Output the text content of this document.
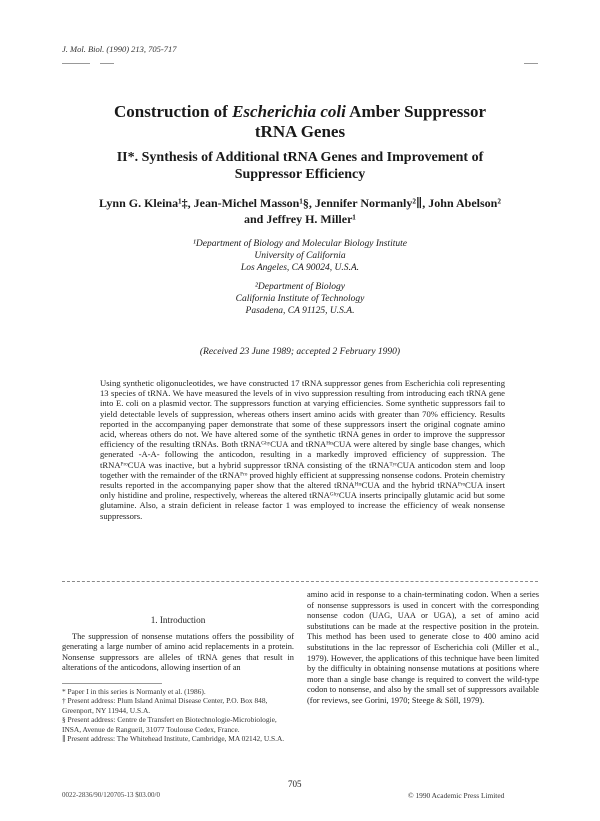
J. Mol. Biol. (1990) 213, 705-717
Construction of Escherichia coli Amber Suppressor
tRNA Genes
II*. Synthesis of Additional tRNA Genes and Improvement of
Suppressor Efficiency
Lynn G. Kleina¹‡, Jean-Michel Masson¹§, Jennifer Normanly²∥, John Abelson²
and Jeffrey H. Miller¹
¹Department of Biology and Molecular Biology Institute
University of California
Los Angeles, CA 90024, U.S.A.
²Department of Biology
California Institute of Technology
Pasadena, CA 91125, U.S.A.
(Received 23 June 1989; accepted 2 February 1990)
Using synthetic oligonucleotides, we have constructed 17 tRNA suppressor genes from Escherichia coli representing 13 species of tRNA. We have measured the levels of in vivo suppression resulting from introducing each tRNA gene into E. coli on a plasmid vector. The suppressors function at varying efficiencies. Some synthetic suppressors fail to yield detectable levels of suppression, whereas others insert amino acids with greater than 70% efficiency. Results reported in the accompanying paper demonstrate that some of these suppressors insert the original cognate amino acid, whereas others do not. We have altered some of the synthetic tRNA genes in order to improve the suppressor efficiency of the resulting tRNAs. Both tRNAᴳʰʸCUA and tRNAᴴᶦˢCUA were altered by single base changes, which generated -A-A- following the anticodon, resulting in a markedly improved efficiency of suppression. The tRNAᴾʳᵒCUA was inactive, but a hybrid suppressor tRNA consisting of the tRNAᵀʸʳCUA anticodon stem and loop together with the remainder of the tRNAᴾʳᵒ proved highly efficient at suppressing nonsense codons. Protein chemistry results reported in the accompanying paper show that the altered tRNAᴴᶦˢCUA and the hybrid tRNAᴾʳᵒCUA insert only histidine and proline, respectively, whereas the altered tRNAᴳʰʸCUA inserts principally glutamic acid but some glutamine. Also, a strain deficient in release factor 1 was employed to increase the efficiency of weak nonsense suppressors.

1. Introduction

The suppression of nonsense mutations offers the possibility of generating a large number of amino acid replacements in a protein. Nonsense suppressors are alleles of tRNA genes that result in alterations of the anticodons, allowing insertion of an

amino acid in response to a chain-terminating codon. When a series of nonsense suppressors is used in concert with the corresponding nonsense codon (UAG, UAA or UGA), a set of amino acid substitutions can be made at the respective position in the protein. This method has been used to generate close to 400 amino acid substitutions in the lac repressor of Escherichia coli (Miller et al., 1979). However, the applications of this technique have been limited by the difficulty in obtaining nonsense mutations at positions where more than a single base change is required to convert the wild-type codon to nonsense, and also by the small set of suppressors available (for reviews, see Gorini, 1970; Steege & Söll, 1979).

* Paper I in this series is Normanly et al. (1986).

† Present address: Plum Island Animal Disease Center, P.O. Box 848, Greenport, NY 11944, U.S.A.

§ Present address: Centre de Transfert en Biotechnologie-Microbiologie, INSA, Avenue de Rangueil, 31077 Toulouse Cedex, France.

∥ Present address: The Whitehead Institute, Cambridge, MA 02142, U.S.A.

705
0022-2836/90/120705-13 $03.00/0	© 1990 Academic Press Limited
